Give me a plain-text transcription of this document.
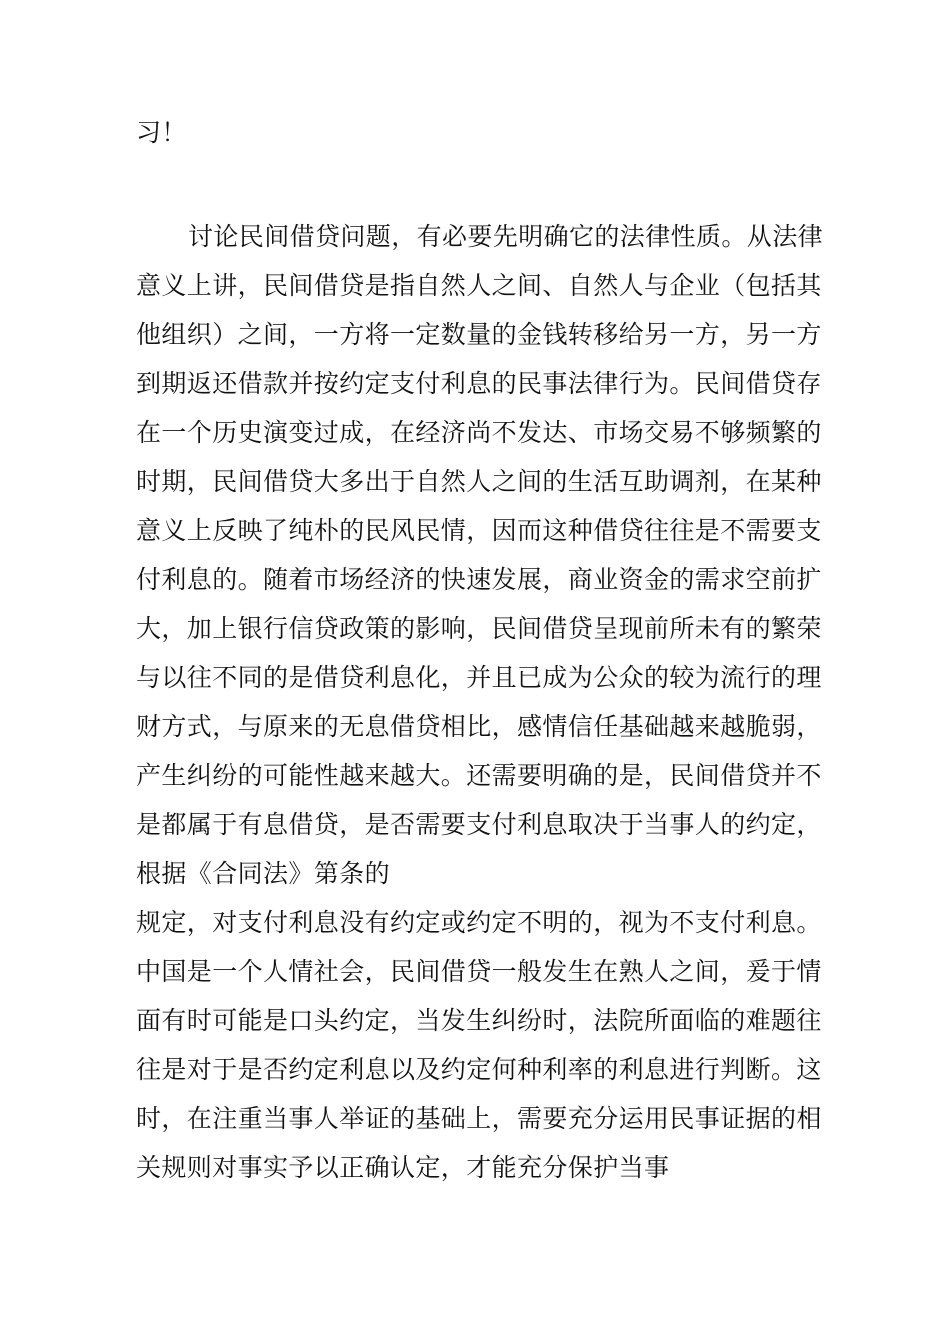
习！

讨论民间借贷问题，有必要先明确它的法律性质。从法律

意义上讲，民间借贷是指自然人之间、自然人与企业（包括其

他组织）之间，一方将一定数量的金钱转移给另一方，另一方

到期返还借款并按约定支付利息的民事法律行为。民间借贷存

在一个历史演变过成，在经济尚不发达、市场交易不够频繁的

时期，民间借贷大多出于自然人之间的生活互助调剂，在某种

意义上反映了纯朴的民风民情，因而这种借贷往往是不需要支

付利息的。随着市场经济的快速发展，商业资金的需求空前扩

大，加上银行信贷政策的影响，民间借贷呈现前所未有的繁荣

与以往不同的是借贷利息化，并且已成为公众的较为流行的理

财方式，与原来的无息借贷相比，感情信任基础越来越脆弱，

产生纠纷的可能性越来越大。还需要明确的是，民间借贷并不

是都属于有息借贷，是否需要支付利息取决于当事人的约定，

根据《合同法》第条的

规定，对支付利息没有约定或约定不明的，视为不支付利息。

中国是一个人情社会，民间借贷一般发生在熟人之间，爰于情

面有时可能是口头约定，当发生纠纷时，法院所面临的难题往

往是对于是否约定利息以及约定何种利率的利息进行判断。这

时，在注重当事人举证的基础上，需要充分运用民事证据的相

关规则对事实予以正确认定，才能充分保护当事
